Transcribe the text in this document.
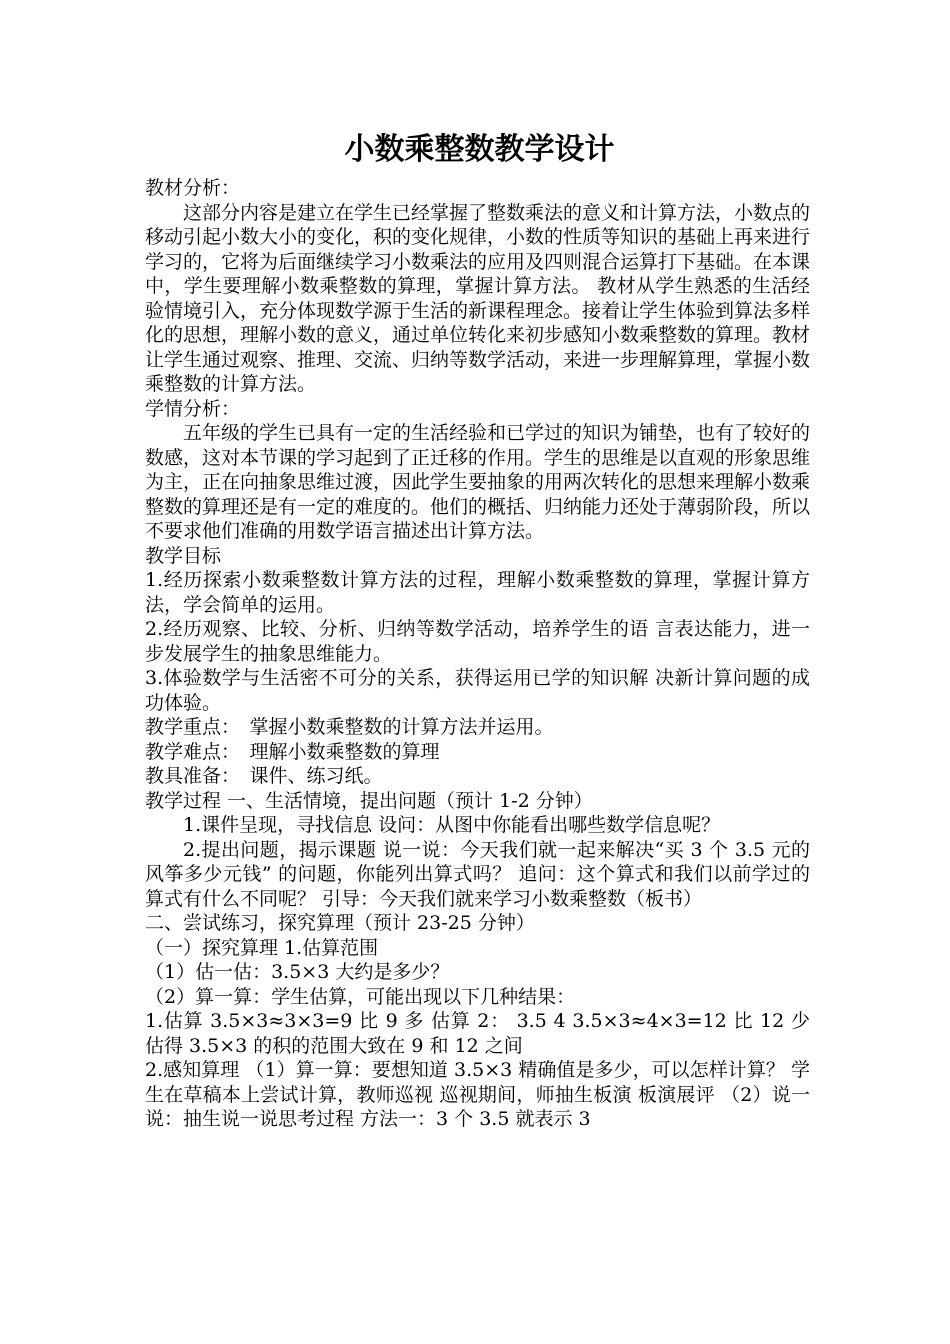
小数乘整数教学设计

教材分析：

这部分内容是建立在学生已经掌握了整数乘法的意义和计算方法，小数点的移动引起小数大小的变化，积的变化规律，小数的性质等知识的基础上再来进行学习的，它将为后面继续学习小数乘法的应用及四则混合运算打下基础。在本课中，学生要理解小数乘整数的算理，掌握计算方法。 教材从学生熟悉的生活经验情境引入，充分体现数学源于生活的新课程理念。接着让学生体验到算法多样化的思想，理解小数的意义，通过单位转化来初步感知小数乘整数的算理。教材让学生通过观察、推理、交流、归纳等数学活动，来进一步理解算理，掌握小数乘整数的计算方法。

学情分析：

五年级的学生已具有一定的生活经验和已学过的知识为铺垫，也有了较好的数感，这对本节课的学习起到了正迁移的作用。学生的思维是以直观的形象思维为主，正在向抽象思维过渡，因此学生要抽象的用两次转化的思想来理解小数乘整数的算理还是有一定的难度的。他们的概括、归纳能力还处于薄弱阶段，所以不要求他们准确的用数学语言描述出计算方法。

教学目标

1.经历探索小数乘整数计算方法的过程，理解小数乘整数的算理，掌握计算方法，学会简单的运用。

2.经历观察、比较、分析、归纳等数学活动，培养学生的语 言表达能力，进一步发展学生的抽象思维能力。

3.体验数学与生活密不可分的关系，获得运用已学的知识解 决新计算问题的成功体验。

教学重点：　掌握小数乘整数的计算方法并运用。

教学难点：　理解小数乘整数的算理

教具准备：　课件、练习纸。

教学过程 一、生活情境，提出问题（预计 1-2 分钟）

1.课件呈现，寻找信息 设问：从图中你能看出哪些数学信息呢？

2.提出问题，揭示课题 说一说：今天我们就一起来解决“买 3 个 3.5 元的风筝多少元钱” 的问题，你能列出算式吗？ 追问：这个算式和我们以前学过的算式有什么不同呢？ 引导：今天我们就来学习小数乘整数（板书）

二、尝试练习，探究算理（预计 23-25 分钟）

（一）探究算理 1.估算范围

（1）估一估：3.5×3 大约是多少？

（2）算一算：学生估算，可能出现以下几种结果：

1.估算 3.5×3≈3×3=9 比 9 多 估算 2： 3.5 4 3.5×3≈4×3=12 比 12 少 估得 3.5×3 的积的范围大致在 9 和 12 之间

2.感知算理 （1）算一算：要想知道 3.5×3 精确值是多少，可以怎样计算？ 学生在草稿本上尝试计算，教师巡视 巡视期间，师抽生板演 板演展评 （2）说一说：抽生说一说思考过程 方法一：3 个 3.5 就表示 3
